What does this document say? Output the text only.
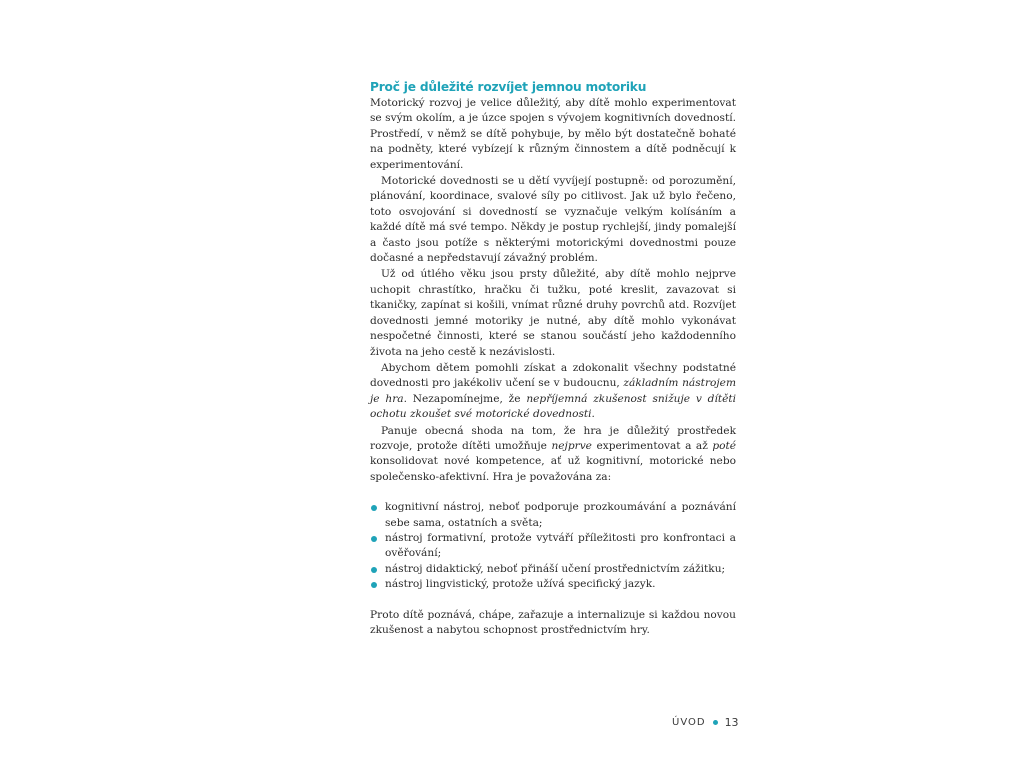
Proč je důležité rozvíjet jemnou motoriku

Motorický rozvoj je velice důležitý, aby dítě mohlo experimentovat se svým okolím, a je úzce spojen s vývojem kognitivních dovedností. Prostředí, v němž se dítě pohybuje, by mělo být dostatečně bohaté na podněty, které vybízejí k různým činnostem a dítě podněcují k experimentování.

Motorické dovednosti se u dětí vyvíjejí postupně: od porozumění, plánování, koordinace, svalové síly po citlivost. Jak už bylo řečeno, toto osvojování si dovedností se vyznačuje velkým kolísáním a každé dítě má své tempo. Někdy je postup rychlejší, jindy pomalejší a často jsou potíže s některými motorickými dovednostmi pouze dočasné a nepředstavují závažný problém.

Už od útlého věku jsou prsty důležité, aby dítě mohlo nejprve uchopit chrastítko, hračku či tužku, poté kreslit, zavazovat si tkaničky, zapínat si košili, vnímat různé druhy povrchů atd. Rozvíjet dovednosti jemné motoriky je nutné, aby dítě mohlo vykonávat nespočetné činnosti, které se stanou součástí jeho každodenního života na jeho cestě k nezávislosti.

Abychom dětem pomohli získat a zdokonalit všechny podstatné dovednosti pro jakékoliv učení se v budoucnu, základním nástrojem je hra. Nezapomínejme, že nepříjemná zkušenost snižuje v dítěti ochotu zkoušet své motorické dovednosti.

Panuje obecná shoda na tom, že hra je důležitý prostředek rozvoje, protože dítěti umožňuje nejprve experimentovat a až poté konsolidovat nové kompetence, ať už kognitivní, motorické nebo společensko-afektivní. Hra je považována za:

kognitivní nástroj, neboť podporuje prozkoumávání a poznávání sebe sama, ostatních a světa;
nástroj formativní, protože vytváří příležitosti pro konfrontaci a ověřování;
nástroj didaktický, neboť přináší učení prostřednictvím zážitku;
nástroj lingvistický, protože užívá specifický jazyk.

Proto dítě poznává, chápe, zařazuje a internalizuje si každou novou zkušenost a nabytou schopnost prostřednictvím hry.

ÚVOD 13
